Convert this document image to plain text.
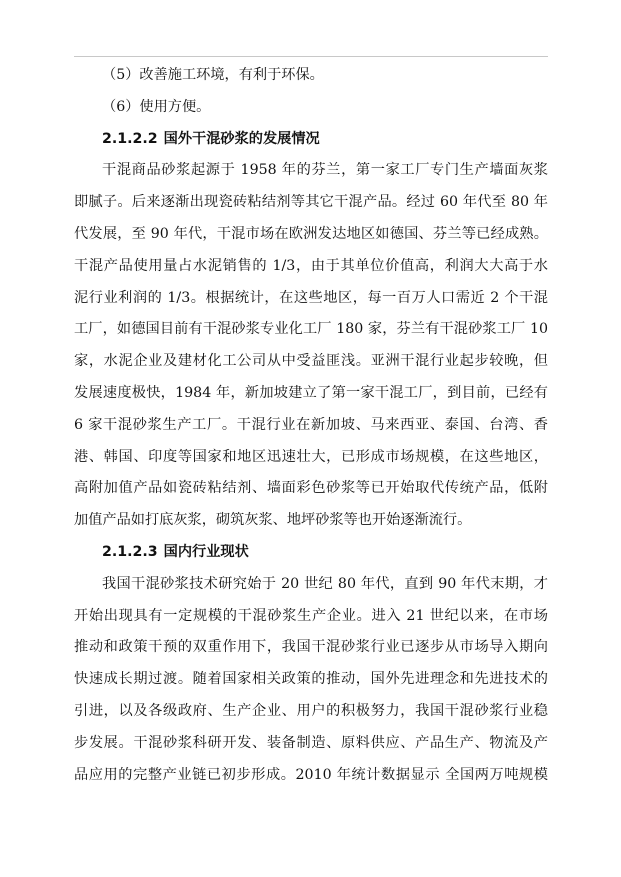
（5）改善施工环境，有利于环保。
（6）使用方便。
2.1.2.2 国外干混砂浆的发展情况
干混商品砂浆起源于 1958 年的芬兰，第一家工厂专门生产墙面灰浆
即腻子。后来逐渐出现瓷砖粘结剂等其它干混产品。经过 60 年代至 80 年
代发展，至 90 年代，干混市场在欧洲发达地区如德国、芬兰等已经成熟。
干混产品使用量占水泥销售的 1/3，由于其单位价值高，利润大大高于水
泥行业利润的 1/3。根据统计，在这些地区，每一百万人口需近 2 个干混
工厂，如德国目前有干混砂浆专业化工厂 180 家，芬兰有干混砂浆工厂 10
家，水泥企业及建材化工公司从中受益匪浅。亚洲干混行业起步较晚，但
发展速度极快，1984 年，新加坡建立了第一家干混工厂，到目前，已经有
6 家干混砂浆生产工厂。干混行业在新加坡、马来西亚、泰国、台湾、香
港、韩国、印度等国家和地区迅速壮大，已形成市场规模，在这些地区，
高附加值产品如瓷砖粘结剂、墙面彩色砂浆等已开始取代传统产品，低附
加值产品如打底灰浆，砌筑灰浆、地坪砂浆等也开始逐渐流行。
2.1.2.3 国内行业现状
我国干混砂浆技术研究始于 20 世纪 80 年代，直到 90 年代末期，才
开始出现具有一定规模的干混砂浆生产企业。进入 21 世纪以来，在市场
推动和政策干预的双重作用下，我国干混砂浆行业已逐步从市场导入期向
快速成长期过渡。随着国家相关政策的推动，国外先进理念和先进技术的
引进，以及各级政府、生产企业、用户的积极努力，我国干混砂浆行业稳
步发展。干混砂浆科研开发、装备制造、原料供应、产品生产、物流及产
品应用的完整产业链已初步形成。2010 年统计数据显示 全国两万吨规模
